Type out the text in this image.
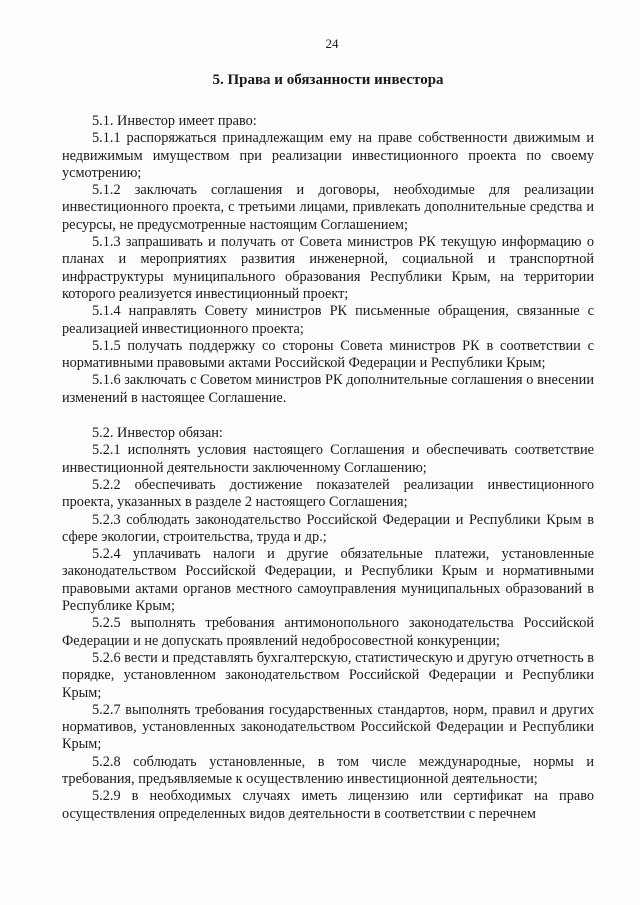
24
5. Права и обязанности инвестора

5.1. Инвестор имеет право:

5.1.1 распоряжаться принадлежащим ему на праве собственности движимым и недвижимым имуществом при реализации инвестиционного проекта по своему усмотрению;

5.1.2 заключать соглашения и договоры, необходимые для реализации инвестиционного проекта, с третьими лицами, привлекать дополнительные средства и ресурсы, не предусмотренные настоящим Соглашением;

5.1.3 запрашивать и получать от Совета министров РК текущую информацию о планах и мероприятиях развития инженерной, социальной и транспортной инфраструктуры муниципального образования Республики Крым, на территории которого реализуется инвестиционный проект;

5.1.4 направлять Совету министров РК письменные обращения, связанные с реализацией инвестиционного проекта;

5.1.5 получать поддержку со стороны Совета министров РК в соответствии с нормативными правовыми актами Российской Федерации и Республики Крым;

5.1.6 заключать с Советом министров РК дополнительные соглашения о внесении изменений в настоящее Соглашение.

5.2. Инвестор обязан:

5.2.1 исполнять условия настоящего Соглашения и обеспечивать соответствие инвестиционной деятельности заключенному Соглашению;

5.2.2 обеспечивать достижение показателей реализации инвестиционного проекта, указанных в разделе 2 настоящего Соглашения;

5.2.3 соблюдать законодательство Российской Федерации и Республики Крым в сфере экологии, строительства, труда и др.;

5.2.4 уплачивать налоги и другие обязательные платежи, установленные законодательством Российской Федерации, и Республики Крым и нормативными правовыми актами органов местного самоуправления муниципальных образований в Республике Крым;

5.2.5 выполнять требования антимонопольного законодательства Российской Федерации и не допускать проявлений недобросовестной конкуренции;

5.2.6 вести и представлять бухгалтерскую, статистическую и другую отчетность в порядке, установленном законодательством Российской Федерации и Республики Крым;

5.2.7 выполнять требования государственных стандартов, норм, правил и других нормативов, установленных законодательством Российской Федерации и Республики Крым;

5.2.8 соблюдать установленные, в том числе международные, нормы и требования, предъявляемые к осуществлению инвестиционной деятельности;

5.2.9 в необходимых случаях иметь лицензию или сертификат на право осуществления определенных видов деятельности в соответствии с перечнем
